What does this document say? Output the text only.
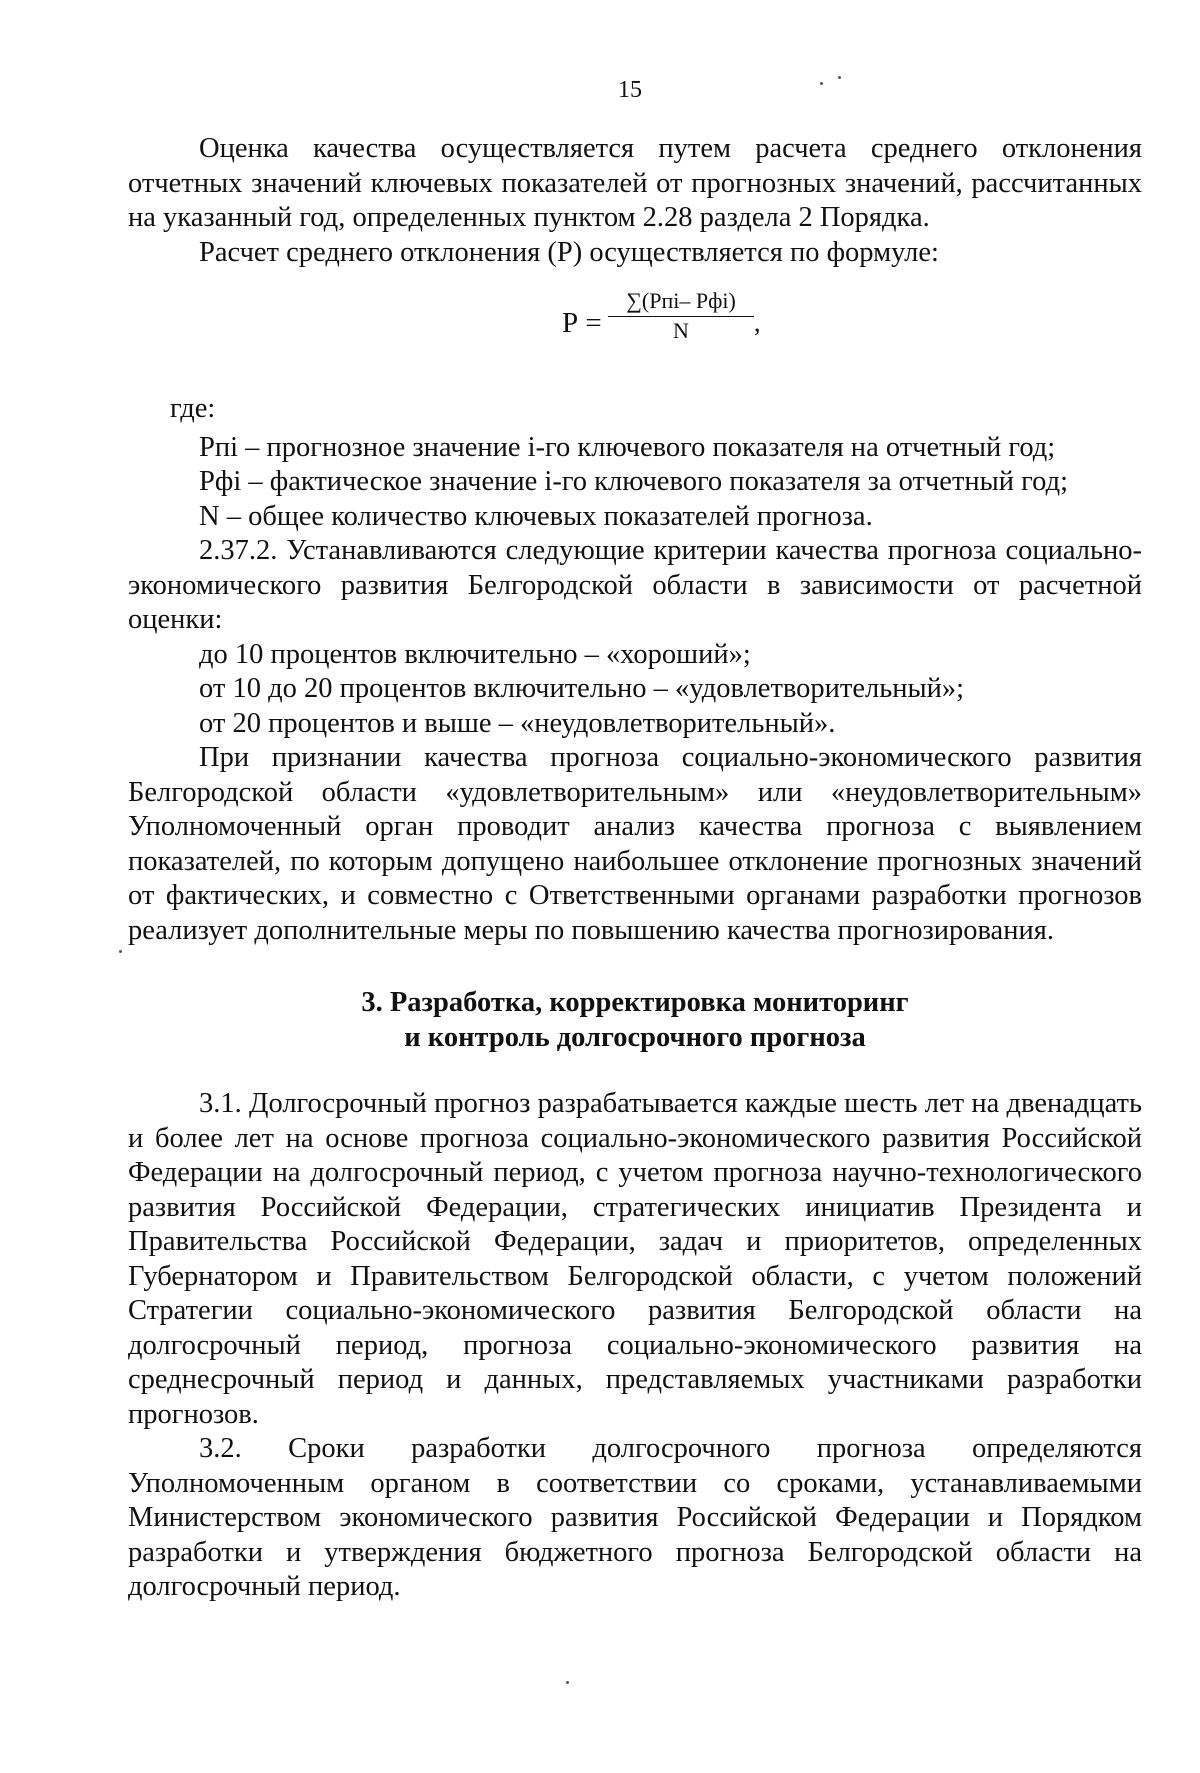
15

Оценка качества осуществляется путем расчета среднего отклонения отчетных значений ключевых показателей от прогнозных значений, рассчитанных на указанный год, определенных пунктом 2.28 раздела 2 Порядка.

Расчет среднего отклонения (Р) осуществляется по формуле:

Р =
∑(Рпi– Рфi)
N	,

где:

Рпi – прогнозное значение i-го ключевого показателя на отчетный год;

Рфi – фактическое значение i-го ключевого показателя за отчетный год;

N – общее количество ключевых показателей прогноза.

2.37.2. Устанавливаются следующие критерии качества прогноза социально-экономического развития Белгородской области в зависимости от расчетной оценки:

до 10 процентов включительно – «хороший»;

от 10 до 20 процентов включительно – «удовлетворительный»;

от 20 процентов и выше – «неудовлетворительный».

При признании качества прогноза социально-экономического развития Белгородской области «удовлетворительным» или «неудовлетворительным» Уполномоченный орган проводит анализ качества прогноза с выявлением показателей, по которым допущено наибольшее отклонение прогнозных значений от фактических, и совместно с Ответственными органами разработки прогнозов реализует дополнительные меры по повышению качества прогнозирования.

3. Разработка, корректировка мониторинг
и контроль долгосрочного прогноза

3.1. Долгосрочный прогноз разрабатывается каждые шесть лет на двенадцать и более лет на основе прогноза социально-экономического развития Российской Федерации на долгосрочный период, с учетом прогноза научно-технологического развития Российской Федерации, стратегических инициатив Президента и Правительства Российской Федерации, задач и приоритетов, определенных Губернатором и Правительством Белгородской области, с учетом положений Стратегии социально-экономического развития Белгородской области на долгосрочный период, прогноза социально-экономического развития на среднесрочный период и данных, представляемых участниками разработки прогнозов.

3.2. Сроки разработки долгосрочного прогноза определяются Уполномоченным органом в соответствии со сроками, устанавливаемыми Министерством экономического развития Российской Федерации и Порядком разработки и утверждения бюджетного прогноза Белгородской области на долгосрочный период.
